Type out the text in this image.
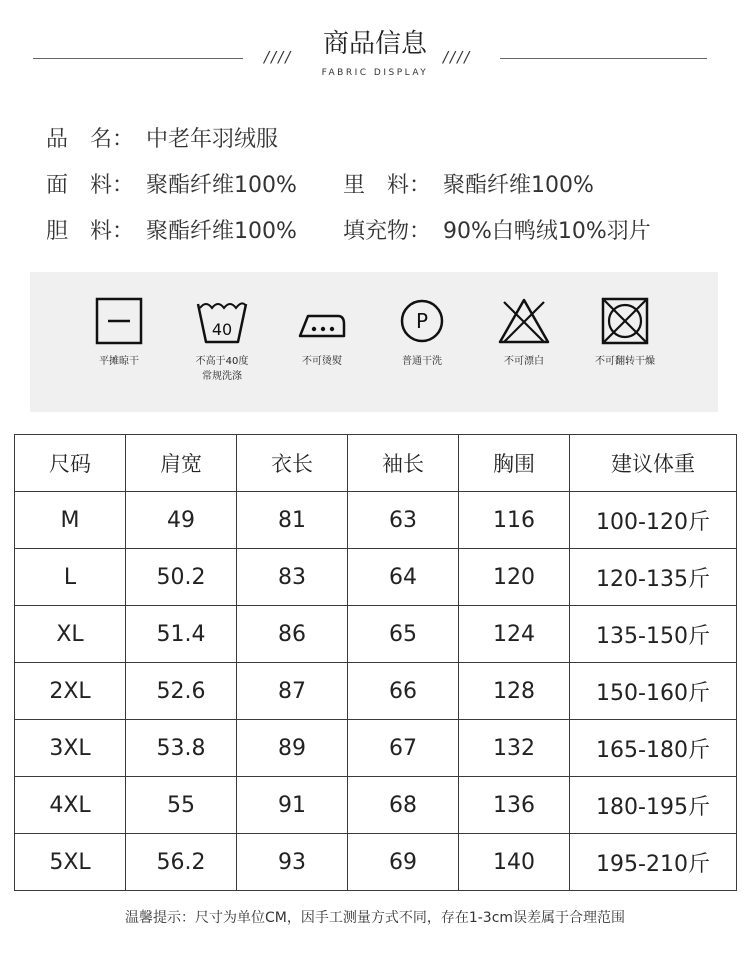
////	////
商品信息
FABRIC DISPLAY
品　名： 中老年羽绒服
面　料： 聚酯纤维100% 里　料： 聚酯纤维100%
胆　料： 聚酯纤维100% 填充物： 90%白鸭绒10%羽片
平摊晾干
40
不高于40度
常规洗涤
不可烫熨
P
普通干洗	不可漂白	不可翻转干燥
尺码	肩宽	衣长	袖长	胸围	建议体重
M	49	81	63	116	100-120斤
L	50.2	83	64	120	120-135斤
XL	51.4	86	65	124	135-150斤
2XL	52.6	87	66	128	150-160斤
3XL	53.8	89	67	132	165-180斤
4XL	55	91	68	136	180-195斤
5XL	56.2	93	69	140	195-210斤
温馨提示：尺寸为单位CM，因手工测量方式不同，存在1-3cm误差属于合理范围
